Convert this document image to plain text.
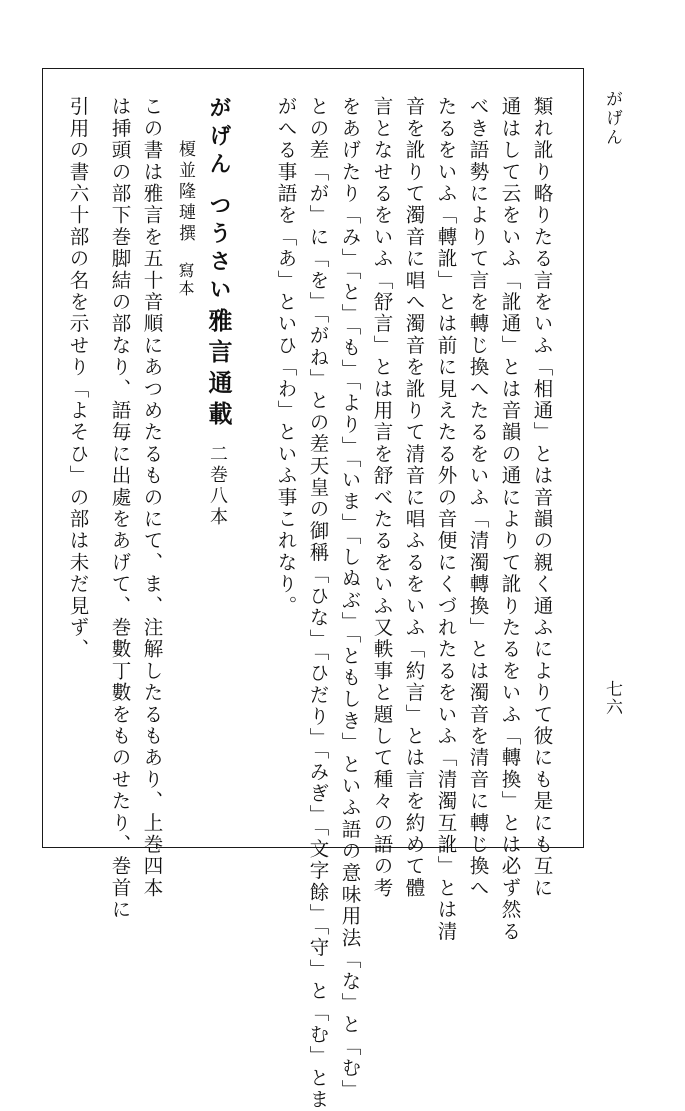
がげん
七六
類れ訛り略りたる言をいふ「相通」とは音韻の親く通ふによりて彼にも是にも互に
通はして云をいふ「訛通」とは音韻の通によりて訛りたるをいふ「轉換」とは必ず然る
べき語勢によりて言を轉じ換へたるをいふ「清濁轉換」とは濁音を清音に轉じ換へ
たるをいふ「轉訛」とは前に見えたる外の音便にくづれたるをいふ「清濁互訛」とは清
音を訛りて濁音に唱へ濁音を訛りて清音に唱ふるをいふ「約言」とは言を約めて體
言となせるをいふ「舒言」とは用言を舒べたるをいふ又軼事と題して種々の語の考
をあげたり「み」「と」「も」「より」「いま」「しぬぶ」「ともしき」といふ語の意味用法「な」と「む」
との差「が」に「を」「がね」との差天皇の御稱「ひな」「ひだり」「みぎ」「文字餘」「守」と「む」とま
がへる事語を「あ」といひ「わ」といふ事これなり。
がげん つうさい
雅言通載
二巻八本
榎並隆璉撰
寫本
この書は雅言を五十音順にあつめたるものにて、ま、注解したるもあり、上巻四本
は挿頭の部下巻脚結の部なり、語毎に出處をあげて、巻數丁數をものせたり、巻首に
引用の書六十部の名を示せり「よそひ」の部は未だ見ず、
